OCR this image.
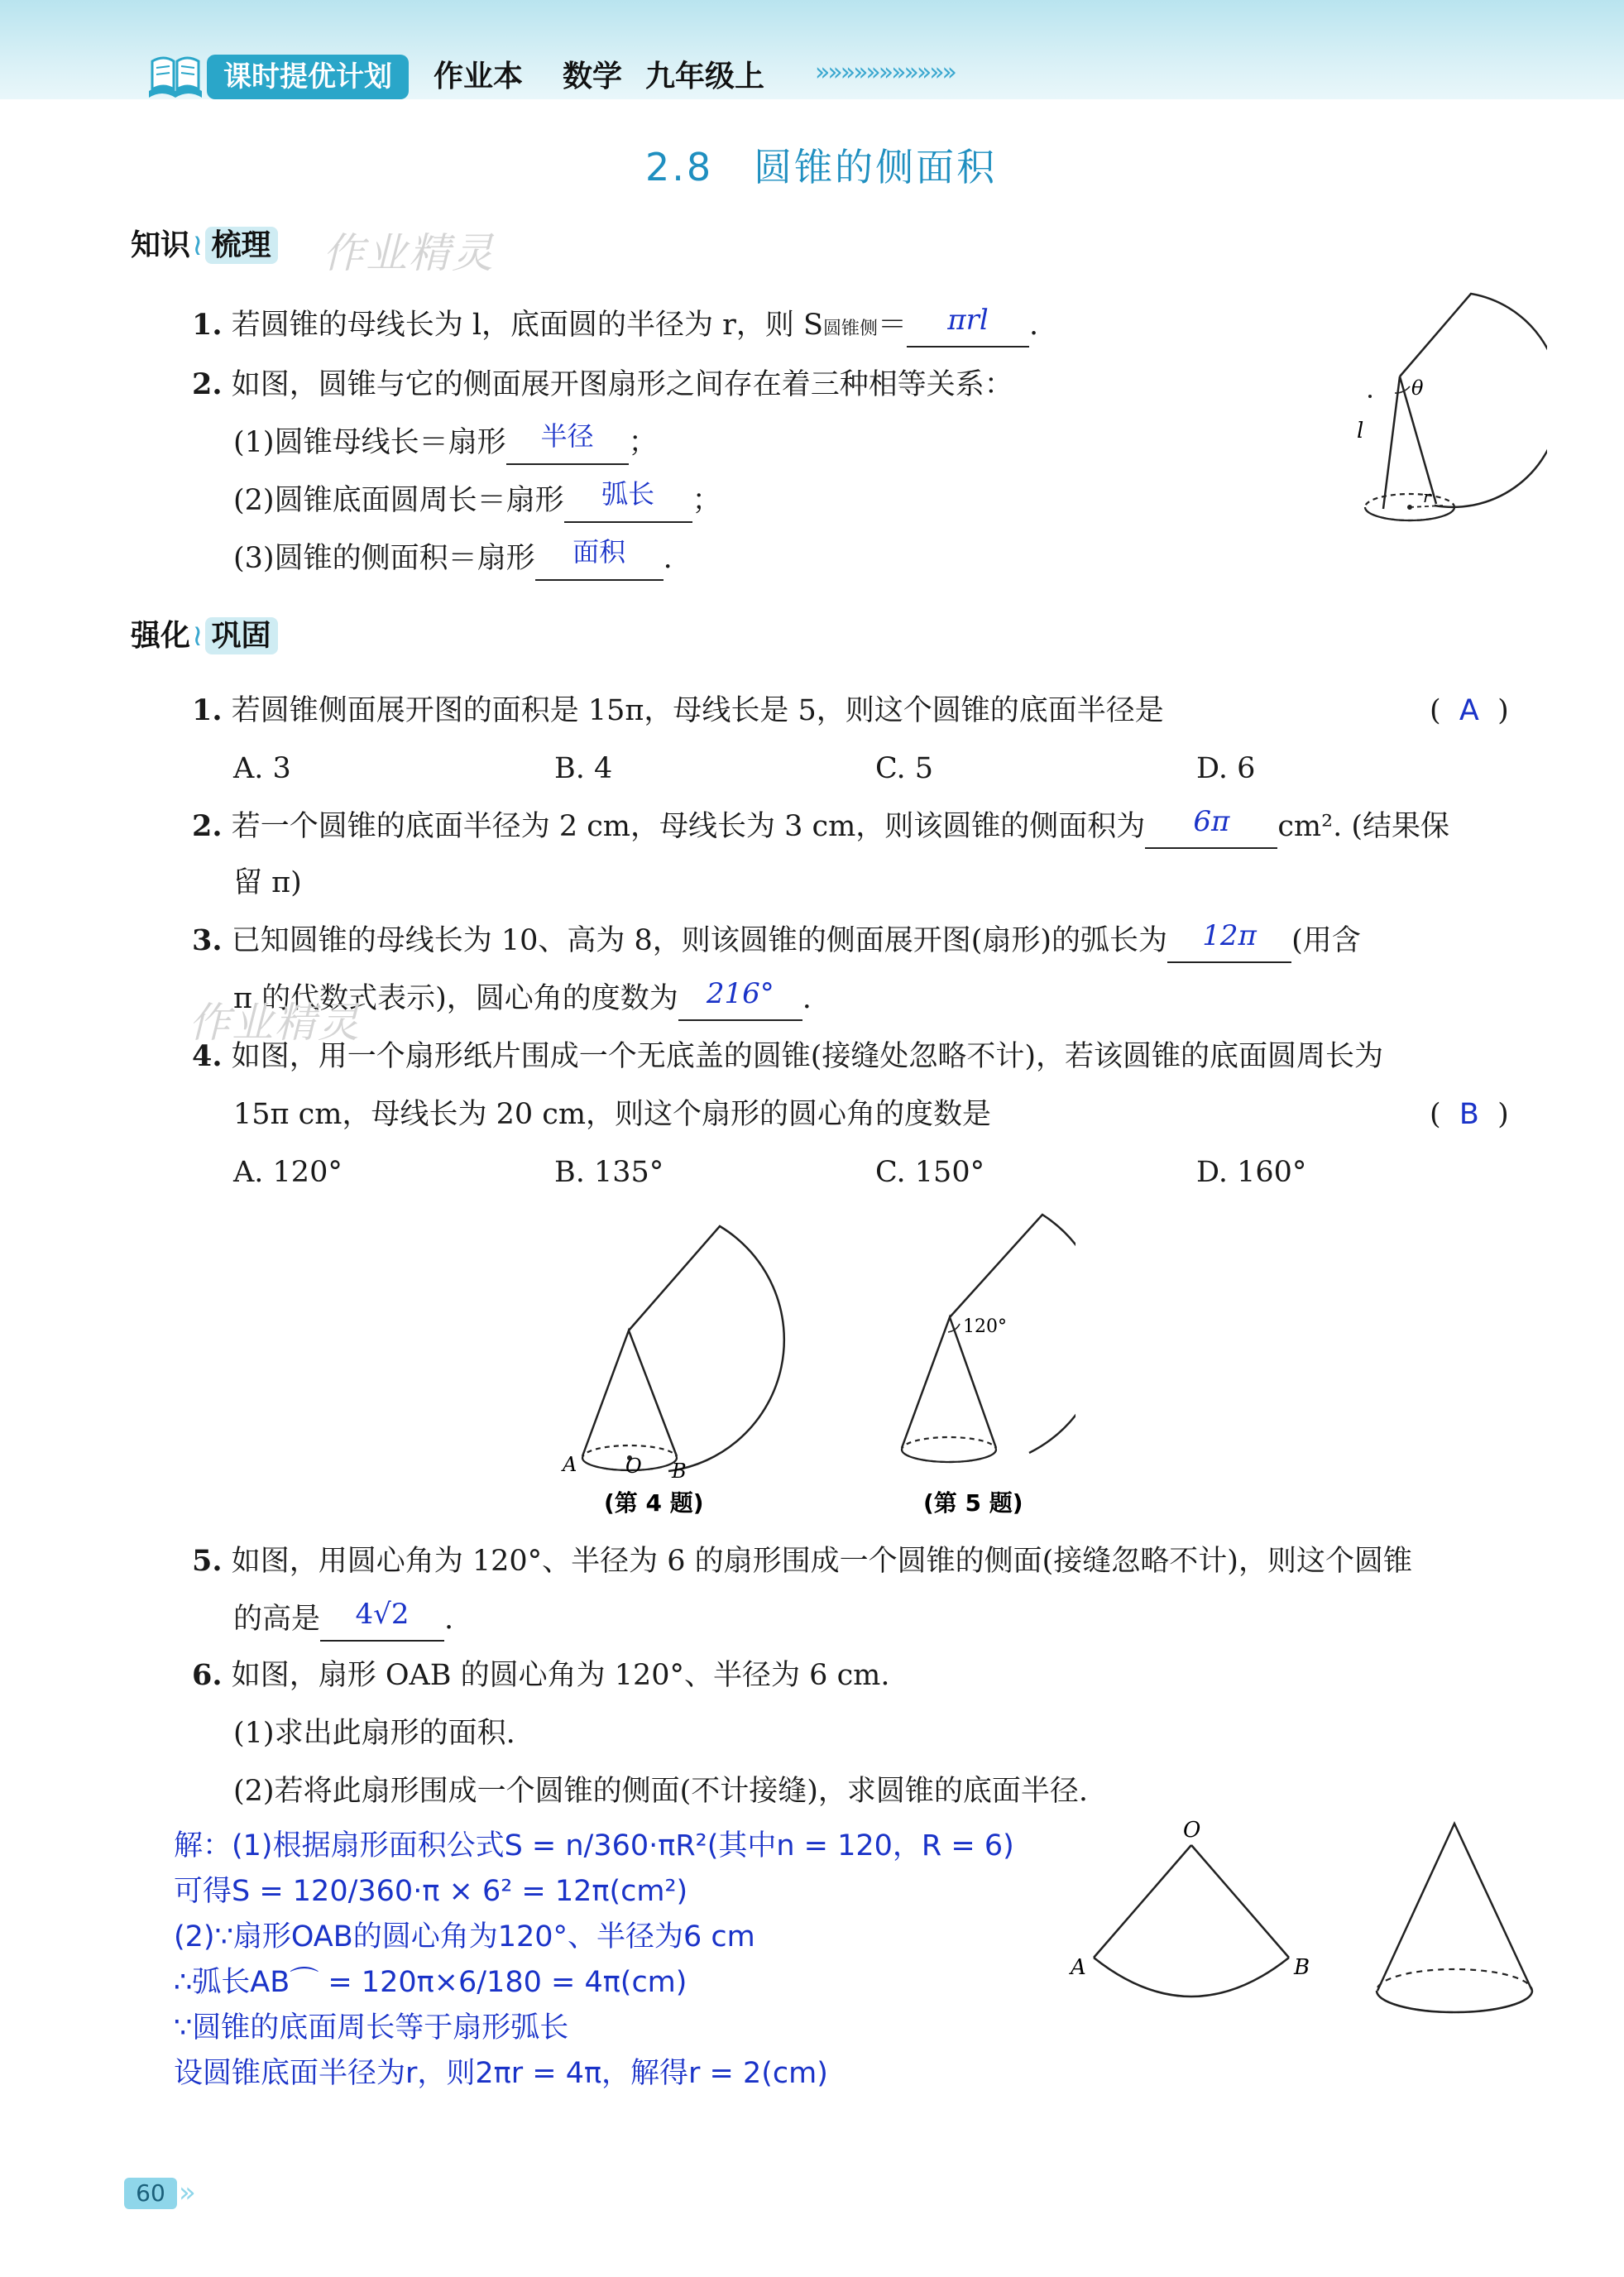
课时提优计划	作业本 数学 九年级上 »»»»»»»»»»»
2.8　圆锥的侧面积
知识≀ 梳理 作业精灵
1. 若圆锥的母线长为 l，底面圆的半径为 r，则 S圆锥侧＝ πrl .
2. 如图，圆锥与它的侧面展开图扇形之间存在着三种相等关系：
(1)圆锥母线长＝扇形 半径 ；
(2)圆锥底面圆周长＝扇形 弧长 ；
(3)圆锥的侧面积＝扇形 面积 .
θ
l
r
强化≀ 巩固
1. 若圆锥侧面展开图的面积是 15π，母线长是 5，则这个圆锥的底面半径是	(  A  )
A. 3	B. 4	C. 5	D. 6
2. 若一个圆锥的底面半径为 2 cm，母线长为 3 cm，则该圆锥的侧面积为 6π cm². (结果保
留 π)
3. 已知圆锥的母线长为 10、高为 8，则该圆锥的侧面展开图(扇形)的弧长为 12π (用含
π 的代数式表示)，圆心角的度数为 216° .
作业精灵
4. 如图，用一个扇形纸片围成一个无底盖的圆锥(接缝处忽略不计)，若该圆锥的底面圆周长为
15π cm，母线长为 20 cm，则这个扇形的圆心角的度数是	(  B  )
A. 120°	B. 135°	C. 150°	D. 160°
A	B
O
(第 4 题)
120°
(第 5 题)
5. 如图，用圆心角为 120°、半径为 6 的扇形围成一个圆锥的侧面(接缝忽略不计)，则这个圆锥
的高是 4√2 .
6. 如图，扇形 OAB 的圆心角为 120°、半径为 6 cm.
(1)求出此扇形的面积.
(2)若将此扇形围成一个圆锥的侧面(不计接缝)，求圆锥的底面半径.
解：(1)根据扇形面积公式S = n/360·πR²(其中n = 120，R = 6)
可得S = 120/360·π × 6² = 12π(cm²)
(2)∵扇形OAB的圆心角为120°、半径为6 cm
∴弧长AB⌒ = 120π×6/180 = 4π(cm)
∵圆锥的底面周长等于扇形弧长
设圆锥底面半径为r，则2πr = 4π，解得r = 2(cm)
O
A	B
60 »
